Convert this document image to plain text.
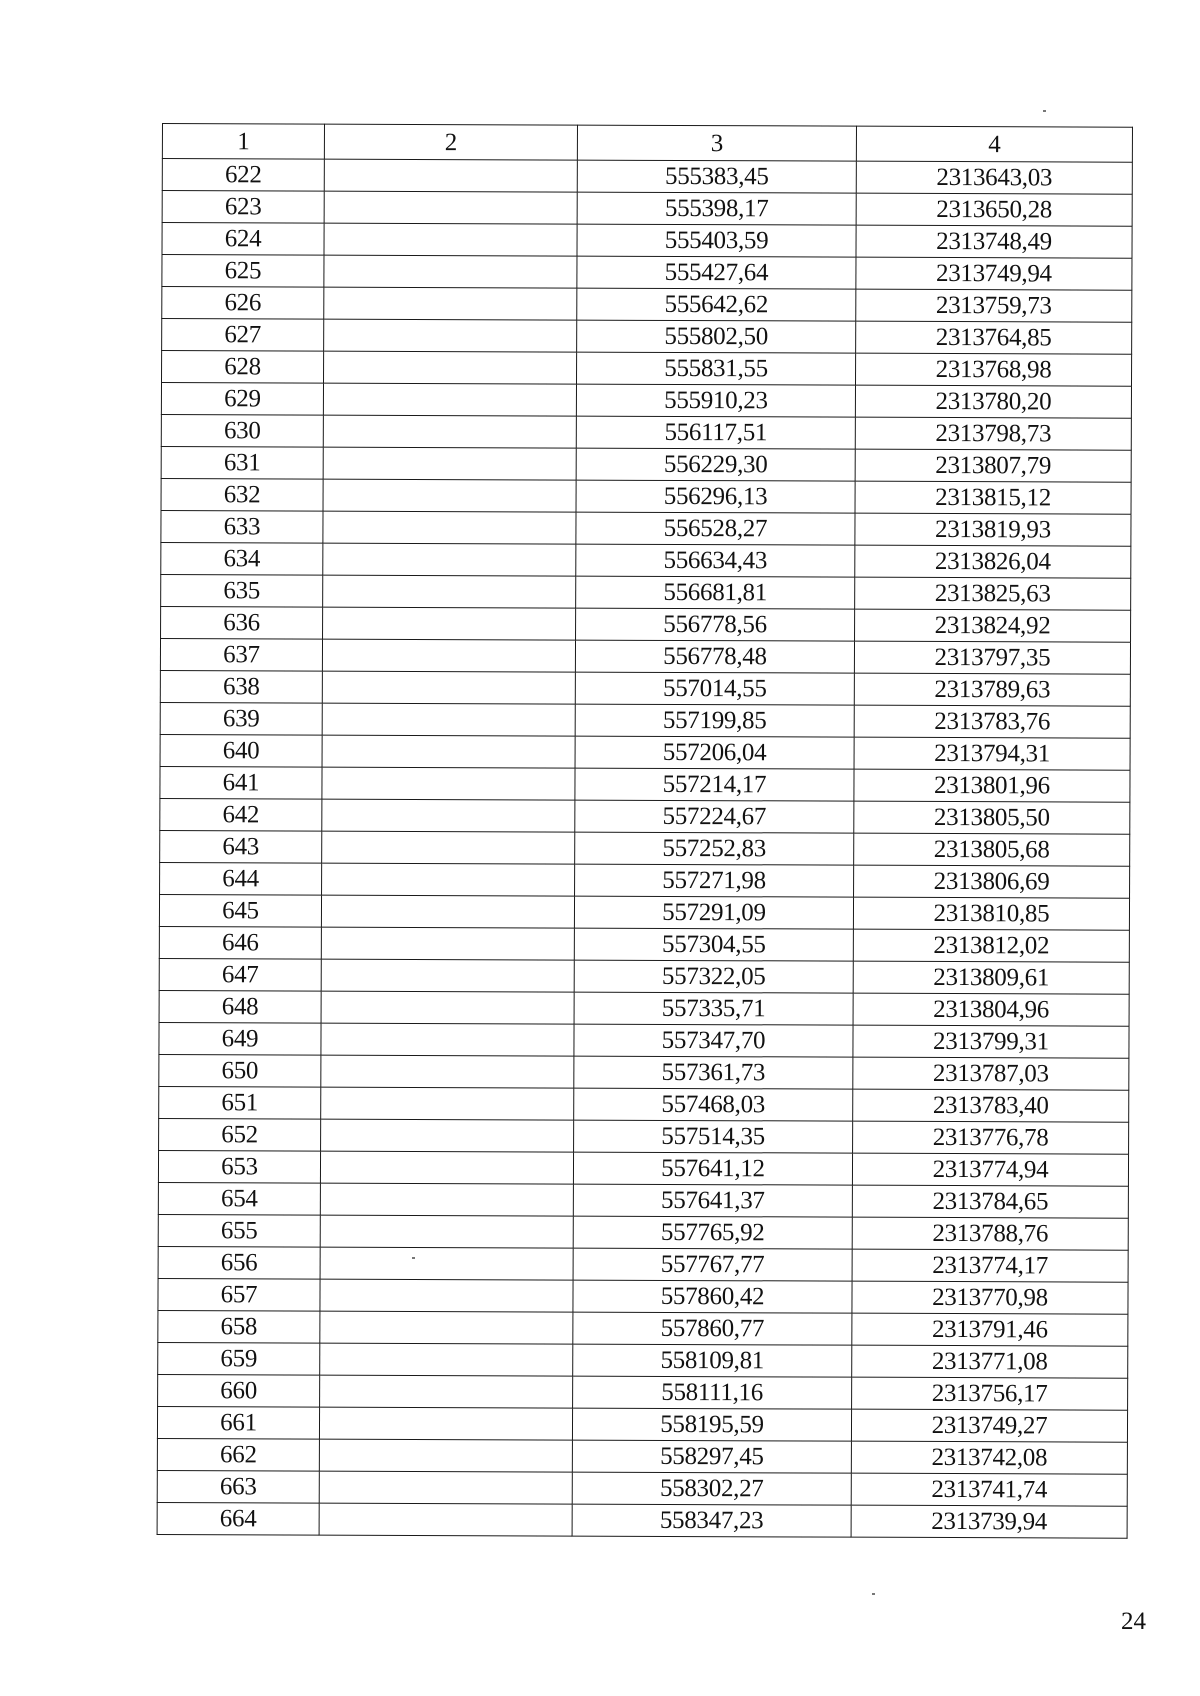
1	2	3	4
622		555383,45	2313643,03
623		555398,17	2313650,28
624		555403,59	2313748,49
625		555427,64	2313749,94
626		555642,62	2313759,73
627		555802,50	2313764,85
628		555831,55	2313768,98
629		555910,23	2313780,20
630		556117,51	2313798,73
631		556229,30	2313807,79
632		556296,13	2313815,12
633		556528,27	2313819,93
634		556634,43	2313826,04
635		556681,81	2313825,63
636		556778,56	2313824,92
637		556778,48	2313797,35
638		557014,55	2313789,63
639		557199,85	2313783,76
640		557206,04	2313794,31
641		557214,17	2313801,96
642		557224,67	2313805,50
643		557252,83	2313805,68
644		557271,98	2313806,69
645		557291,09	2313810,85
646		557304,55	2313812,02
647		557322,05	2313809,61
648		557335,71	2313804,96
649		557347,70	2313799,31
650		557361,73	2313787,03
651		557468,03	2313783,40
652		557514,35	2313776,78
653		557641,12	2313774,94
654		557641,37	2313784,65
655		557765,92	2313788,76
656		557767,77	2313774,17
657		557860,42	2313770,98
658		557860,77	2313791,46
659		558109,81	2313771,08
660		558111,16	2313756,17
661		558195,59	2313749,27
662		558297,45	2313742,08
663		558302,27	2313741,74
664		558347,23	2313739,94
24
